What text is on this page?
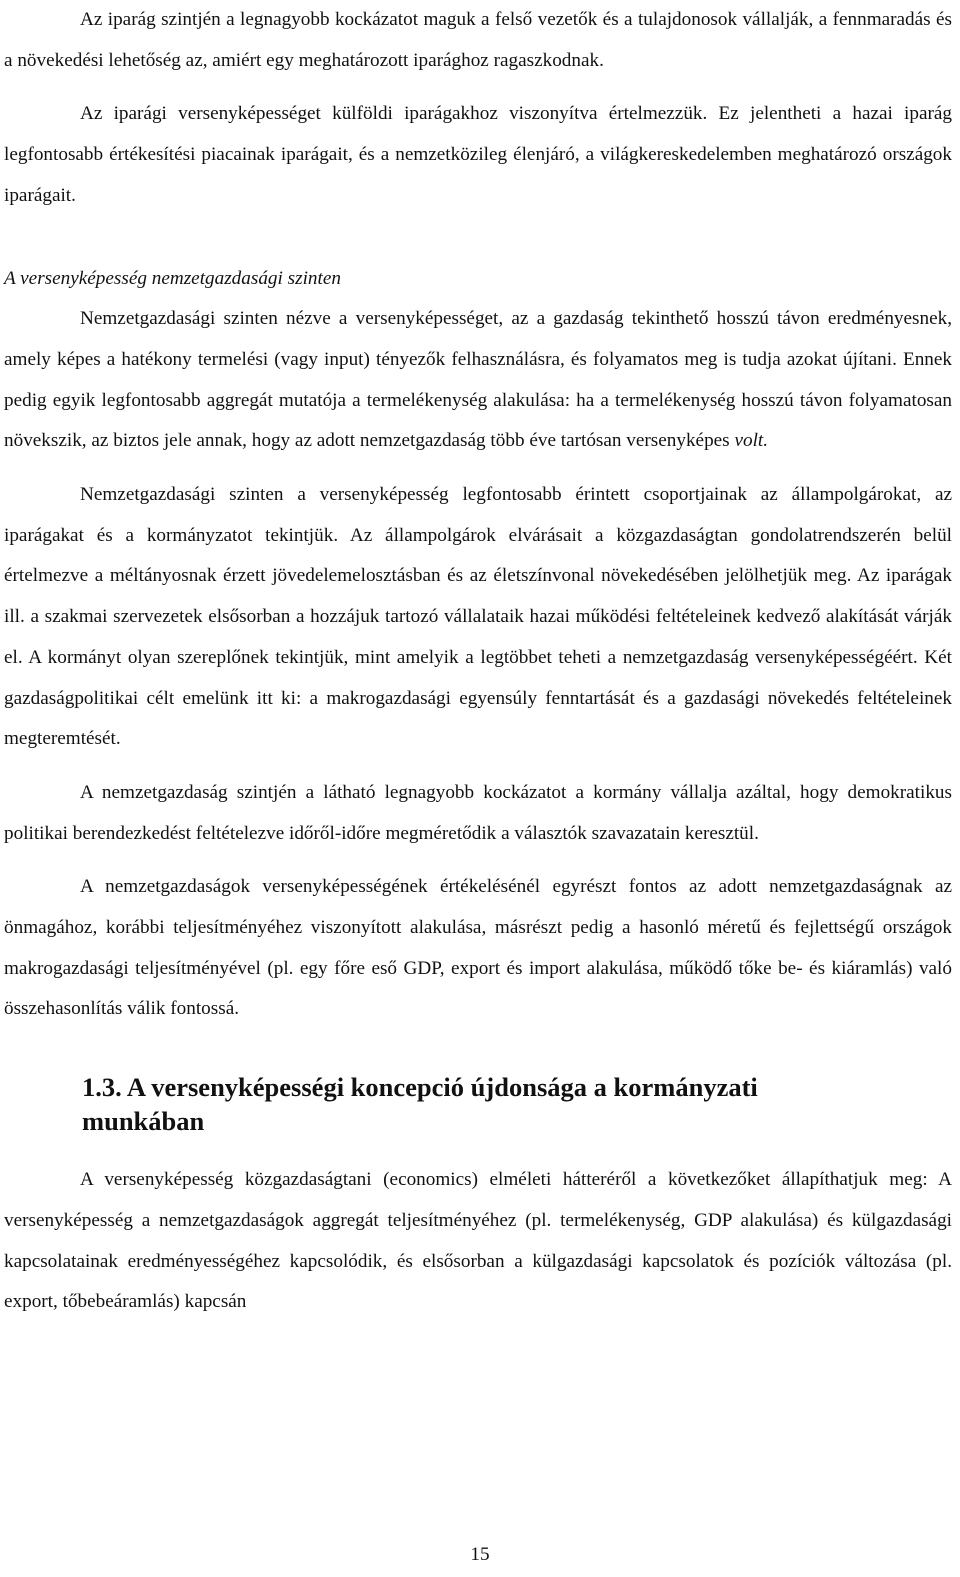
Az iparág szintjén a legnagyobb kockázatot maguk a felső vezetők és a tulajdonosok vállalják, a fennmaradás és a növekedési lehetőség az, amiért egy meghatározott iparághoz ragaszkodnak.

Az iparági versenyképességet külföldi iparágakhoz viszonyítva értelmezzük. Ez jelentheti a hazai iparág legfontosabb értékesítési piacainak iparágait, és a nemzetközileg élenjáró, a világkereskedelemben meghatározó országok iparágait.

A versenyképesség nemzetgazdasági szinten

Nemzetgazdasági szinten nézve a versenyképességet, az a gazdaság tekinthető hosszú távon eredményesnek, amely képes a hatékony termelési (vagy input) tényezők felhasználásra, és folyamatos meg is tudja azokat újítani. Ennek pedig egyik legfontosabb aggregát mutatója a termelékenység alakulása: ha a termelékenység hosszú távon folyamatosan növekszik, az biztos jele annak, hogy az adott nemzetgazdaság több éve tartósan versenyképes volt.

Nemzetgazdasági szinten a versenyképesség legfontosabb érintett csoportjainak az állampolgárokat, az iparágakat és a kormányzatot tekintjük. Az állampolgárok elvárásait a közgazdaságtan gondolatrendszerén belül értelmezve a méltányosnak érzett jövedelemelosztásban és az életszínvonal növekedésében jelölhetjük meg. Az iparágak ill. a szakmai szervezetek elsősorban a hozzájuk tartozó vállalataik hazai működési feltételeinek kedvező alakítását várják el. A kormányt olyan szereplőnek tekintjük, mint amelyik a legtöbbet teheti a nemzetgazdaság versenyképességéért. Két gazdaságpolitikai célt emelünk itt ki: a makrogazdasági egyensúly fenntartását és a gazdasági növekedés feltételeinek megteremtését.

A nemzetgazdaság szintjén a látható legnagyobb kockázatot a kormány vállalja azáltal, hogy demokratikus politikai berendezkedést feltételezve időről-időre megméretődik a választók szavazatain keresztül.

A nemzetgazdaságok versenyképességének értékelésénél egyrészt fontos az adott nemzetgazdaságnak az önmagához, korábbi teljesítményéhez viszonyított alakulása, másrészt pedig a hasonló méretű és fejlettségű országok makrogazdasági teljesítményével (pl. egy főre eső GDP, export és import alakulása, működő tőke be- és kiáramlás) való összehasonlítás válik fontossá.

1.3. A versenyképességi koncepció újdonsága a kormányzati munkában

A versenyképesség közgazdaságtani (economics) elméleti hátteréről a következőket állapíthatjuk meg: A versenyképesség a nemzetgazdaságok aggregát teljesítményéhez (pl. termelékenység, GDP alakulása) és külgazdasági kapcsolatainak eredményességéhez kapcsolódik, és elsősorban a külgazdasági kapcsolatok és pozíciók változása (pl. export, tőbebeáramlás) kapcsán

15
